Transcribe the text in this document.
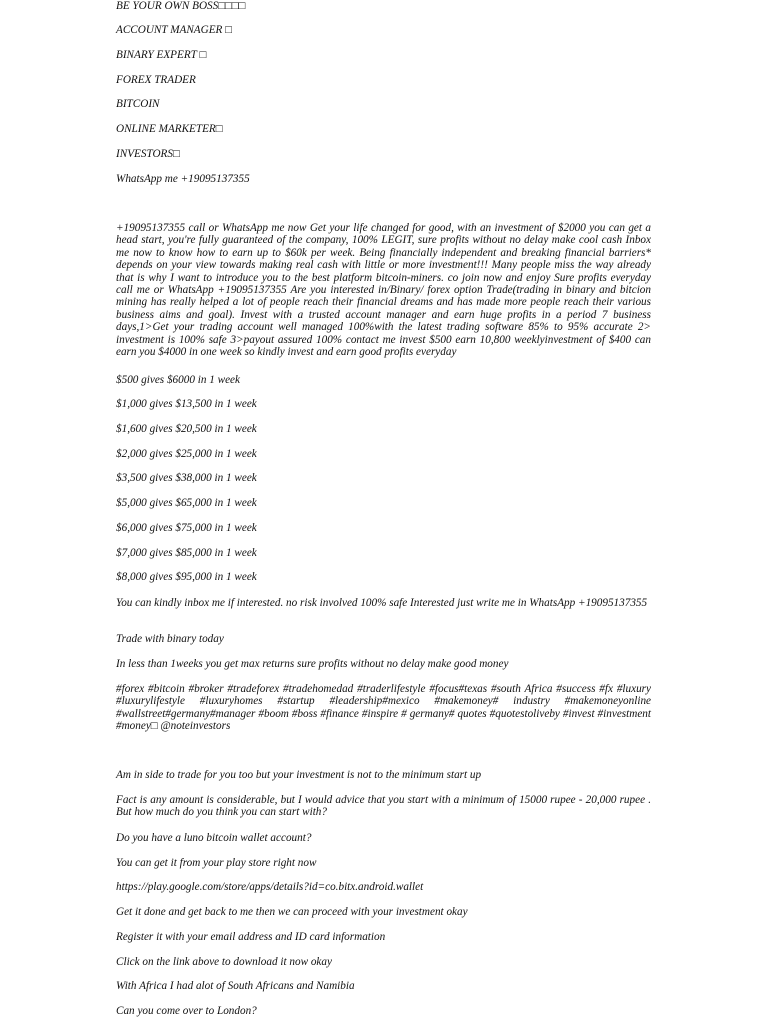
BE YOUR OWN BOSS□□□□

ACCOUNT MANAGER □

BINARY EXPERT □

FOREX TRADER

BITCOIN

ONLINE MARKETER□

INVESTORS□

WhatsApp me +19095137355

+19095137355 call or WhatsApp me now Get your life changed for good, with an investment of $2000 you can get a head start, you're fully guaranteed of the company, 100% LEGIT, sure profits without no delay make cool cash Inbox me now to know how to earn up to $60k per week. Being financially independent and breaking financial barriers* depends on your view towards making real cash with little or more investment!!! Many people miss the way already that is why I want to introduce you to the best platform bitcoin-miners. co join now and enjoy Sure profits everyday call me or WhatsApp +19095137355 Are you interested in/Binary/ forex option Trade(trading in binary and bitcion mining has really helped a lot of people reach their financial dreams and has made more people reach their various business aims and goal). Invest with a trusted account manager and earn huge profits in a period 7 business days,1>Get your trading account well managed 100%with the latest trading software 85% to 95% accurate 2> investment is 100% safe 3>payout assured 100% contact me invest $500 earn 10,800 weeklyinvestment of $400 can earn you $4000 in one week so kindly invest and earn good profits everyday

$500 gives $6000 in 1 week

$1,000 gives $13,500 in 1 week

$1,600 gives $20,500 in 1 week

$2,000 gives $25,000 in 1 week

$3,500 gives $38,000 in 1 week

$5,000 gives $65,000 in 1 week

$6,000 gives $75,000 in 1 week

$7,000 gives $85,000 in 1 week

$8,000 gives $95,000 in 1 week

You can kindly inbox me if interested. no risk involved 100% safe Interested just write me in WhatsApp +19095137355

Trade with binary today

In less than 1weeks you get max returns sure profits without no delay make good money

#forex #bitcoin #broker #tradeforex #tradehomedad #traderlifestyle #focus#texas #south Africa #success #fx #luxury #luxurylifestyle #luxuryhomes #startup #leadership#mexico #makemoney# industry #makemoneyonline #wallstreet#germany#manager #boom #boss #finance #inspire # germany# quotes #quotestoliveby #invest #investment #money□ @noteinvestors

Am in side to trade for you too but your investment is not to the minimum start up

Fact is any amount is considerable, but I would advice that you start with a minimum of 15000 rupee - 20,000 rupee . But how much do you think you can start with?

Do you have a luno bitcoin wallet account?

You can get it from your play store right now

https://play.google.com/store/apps/details?id=co.bitx.android.wallet

Get it done and get back to me then we can proceed with your investment okay

Register it with your email address and ID card information

Click on the link above to download it now okay

With Africa I had alot of South Africans and Namibia

Can you come over to London?
